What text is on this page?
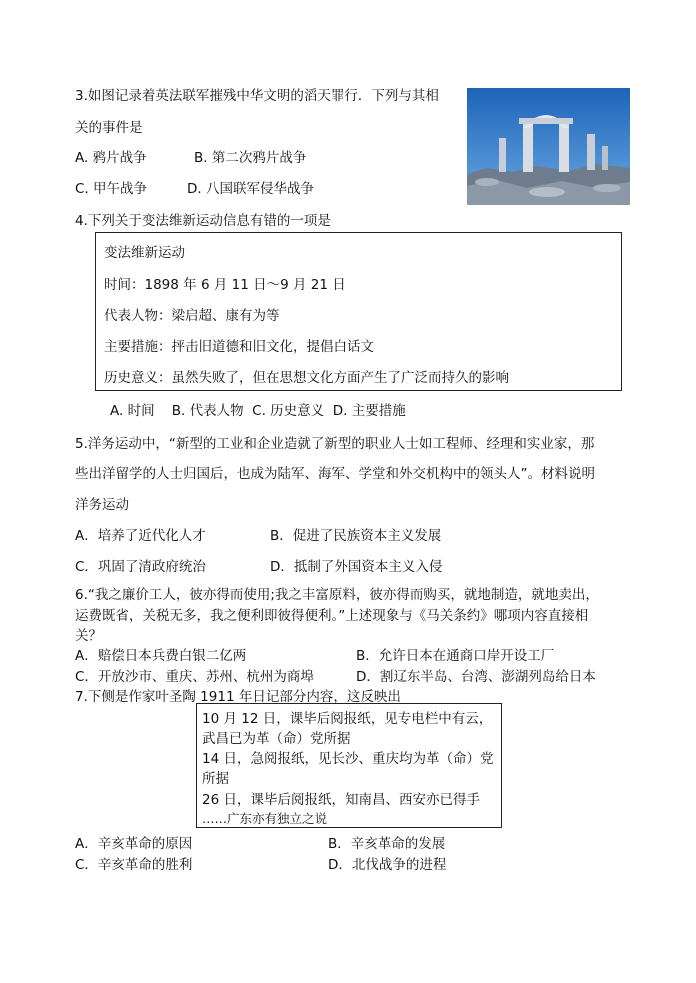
3.如图记录着英法联军摧残中华文明的滔天罪行．下列与其相
关的事件是
A. 鸦片战争	B. 第二次鸦片战争
C. 甲午战争	D. 八国联军侵华战争
4.下列关于变法维新运动信息有错的一项是
变法维新运动
时间：1898 年 6 月 11 日～9 月 21 日
代表人物：梁启超、康有为等
主要措施：抨击旧道德和旧文化，提倡白话文
历史意义：虽然失败了，但在思想文化方面产生了广泛而持久的影响
A. 时间    B. 代表人物  C. 历史意义  D. 主要措施
5.洋务运动中，“新型的工业和企业造就了新型的职业人士如工程师、经理和实业家，那
些出洋留学的人士归国后，也成为陆军、海军、学堂和外交机构中的领头人”。材料说明
洋务运动
A．培养了近代化人才	B．促进了民族资本主义发展
C．巩固了清政府统治	D．抵制了外国资本主义入侵
6.“我之廉价工人，彼亦得而使用;我之丰富原料，彼亦得而购买，就地制造，就地卖出，
运费既省，关税无多，我之便利即彼得便利。”上述现象与《马关条约》哪项内容直接相
关？
A．赔偿日本兵费白银二亿两	B．允许日本在通商口岸开设工厂
C．开放沙市、重庆、苏州、杭州为商埠	D．割辽东半岛、台湾、澎湖列岛给日本
7.下侧是作家叶圣陶 1911 年日记部分内容，这反映出
10 月 12 日，课毕后阅报纸，见专电栏中有云，
武昌已为革（命）党所据
14 日，急阅报纸，见长沙、重庆均为革（命）党
所据
26 日，课毕后阅报纸，知南昌、西安亦已得手
……广东亦有独立之说
A．辛亥革命的原因	B．辛亥革命的发展
C．辛亥革命的胜利	D．北伐战争的进程
